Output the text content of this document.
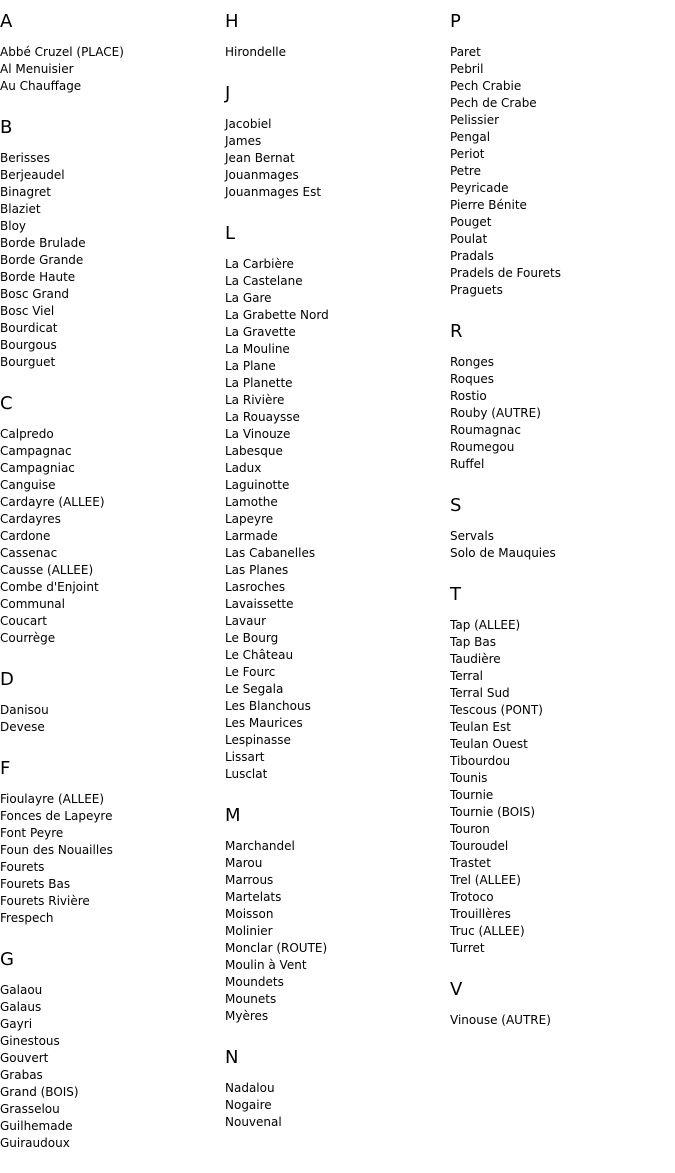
A
Abbé Cruzel (PLACE)
Al Menuisier
Au Chauffage
B
Berisses
Berjeaudel
Binagret
Blaziet
Bloy
Borde Brulade
Borde Grande
Borde Haute
Bosc Grand
Bosc Viel
Bourdicat
Bourgous
Bourguet
C
Calpredo
Campagnac
Campagniac
Canguise
Cardayre (ALLEE)
Cardayres
Cardone
Cassenac
Causse (ALLEE)
Combe d'Enjoint
Communal
Coucart
Courrège
D
Danisou
Devese
F
Fioulayre (ALLEE)
Fonces de Lapeyre
Font Peyre
Foun des Nouailles
Fourets
Fourets Bas
Fourets Rivière
Frespech
G
Galaou
Galaus
Gayri
Ginestous
Gouvert
Grabas
Grand (BOIS)
Grasselou
Guilhemade
Guiraudoux
H
Hirondelle
J
Jacobiel
James
Jean Bernat
Jouanmages
Jouanmages Est
L
La Carbière
La Castelane
La Gare
La Grabette Nord
La Gravette
La Mouline
La Plane
La Planette
La Rivière
La Rouaysse
La Vinouze
Labesque
Ladux
Laguinotte
Lamothe
Lapeyre
Larmade
Las Cabanelles
Las Planes
Lasroches
Lavaissette
Lavaur
Le Bourg
Le Château
Le Fourc
Le Segala
Les Blanchous
Les Maurices
Lespinasse
Lissart
Lusclat
M
Marchandel
Marou
Marrous
Martelats
Moisson
Molinier
Monclar (ROUTE)
Moulin à Vent
Moundets
Mounets
Myères
N
Nadalou
Nogaire
Nouvenal
P
Paret
Pebril
Pech Crabie
Pech de Crabe
Pelissier
Pengal
Periot
Petre
Peyricade
Pierre Bénite
Pouget
Poulat
Pradals
Pradels de Fourets
Praguets
R
Ronges
Roques
Rostio
Rouby (AUTRE)
Roumagnac
Roumegou
Ruffel
S
Servals
Solo de Mauquies
T
Tap (ALLEE)
Tap Bas
Taudière
Terral
Terral Sud
Tescous (PONT)
Teulan Est
Teulan Ouest
Tibourdou
Tounis
Tournie
Tournie (BOIS)
Touron
Touroudel
Trastet
Trel (ALLEE)
Trotoco
Trouillères
Truc (ALLEE)
Turret
V
Vinouse (AUTRE)
